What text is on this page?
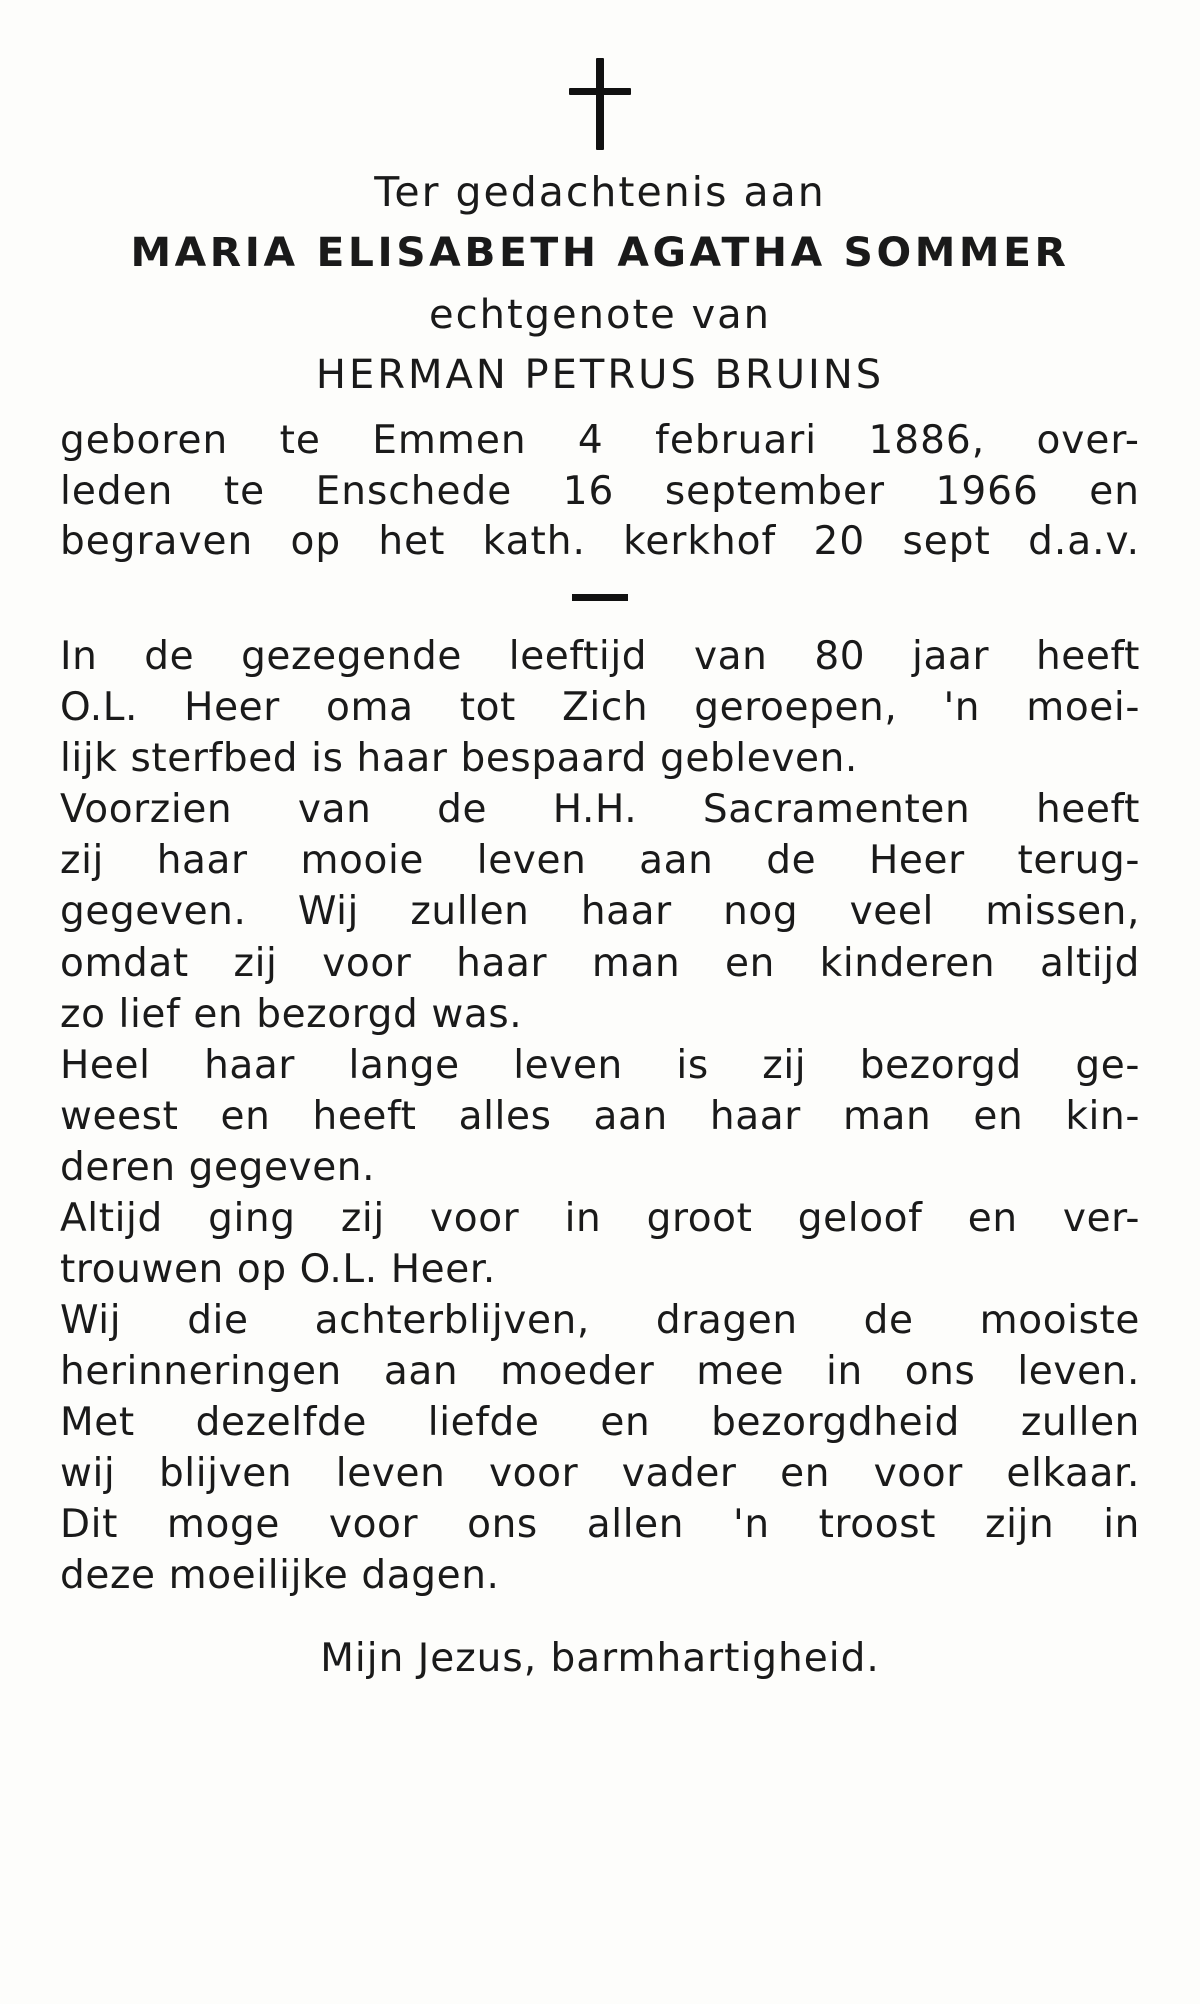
Ter gedachtenis aan
MARIA ELISABETH AGATHA SOMMER
echtgenote van
HERMAN PETRUS BRUINS
geboren te Emmen 4 februari 1886, over-
leden te Enschede 16 september 1966 en
begraven op het kath. kerkhof 20 sept d.a.v.
In de gezegende leeftijd van 80 jaar heeft
O.L. Heer oma tot Zich geroepen, 'n moei-
lijk sterfbed is haar bespaard gebleven.
Voorzien van de H.H. Sacramenten heeft
zij haar mooie leven aan de Heer terug-
gegeven. Wij zullen haar nog veel missen,
omdat zij voor haar man en kinderen altijd
zo lief en bezorgd was.
Heel haar lange leven is zij bezorgd ge-
weest en heeft alles aan haar man en kin-
deren gegeven.
Altijd ging zij voor in groot geloof en ver-
trouwen op O.L. Heer.
Wij die achterblijven, dragen de mooiste
herinneringen aan moeder mee in ons leven.
Met dezelfde liefde en bezorgdheid zullen
wij blijven leven voor vader en voor elkaar.
Dit moge voor ons allen 'n troost zijn in
deze moeilijke dagen.
Mijn Jezus, barmhartigheid.
